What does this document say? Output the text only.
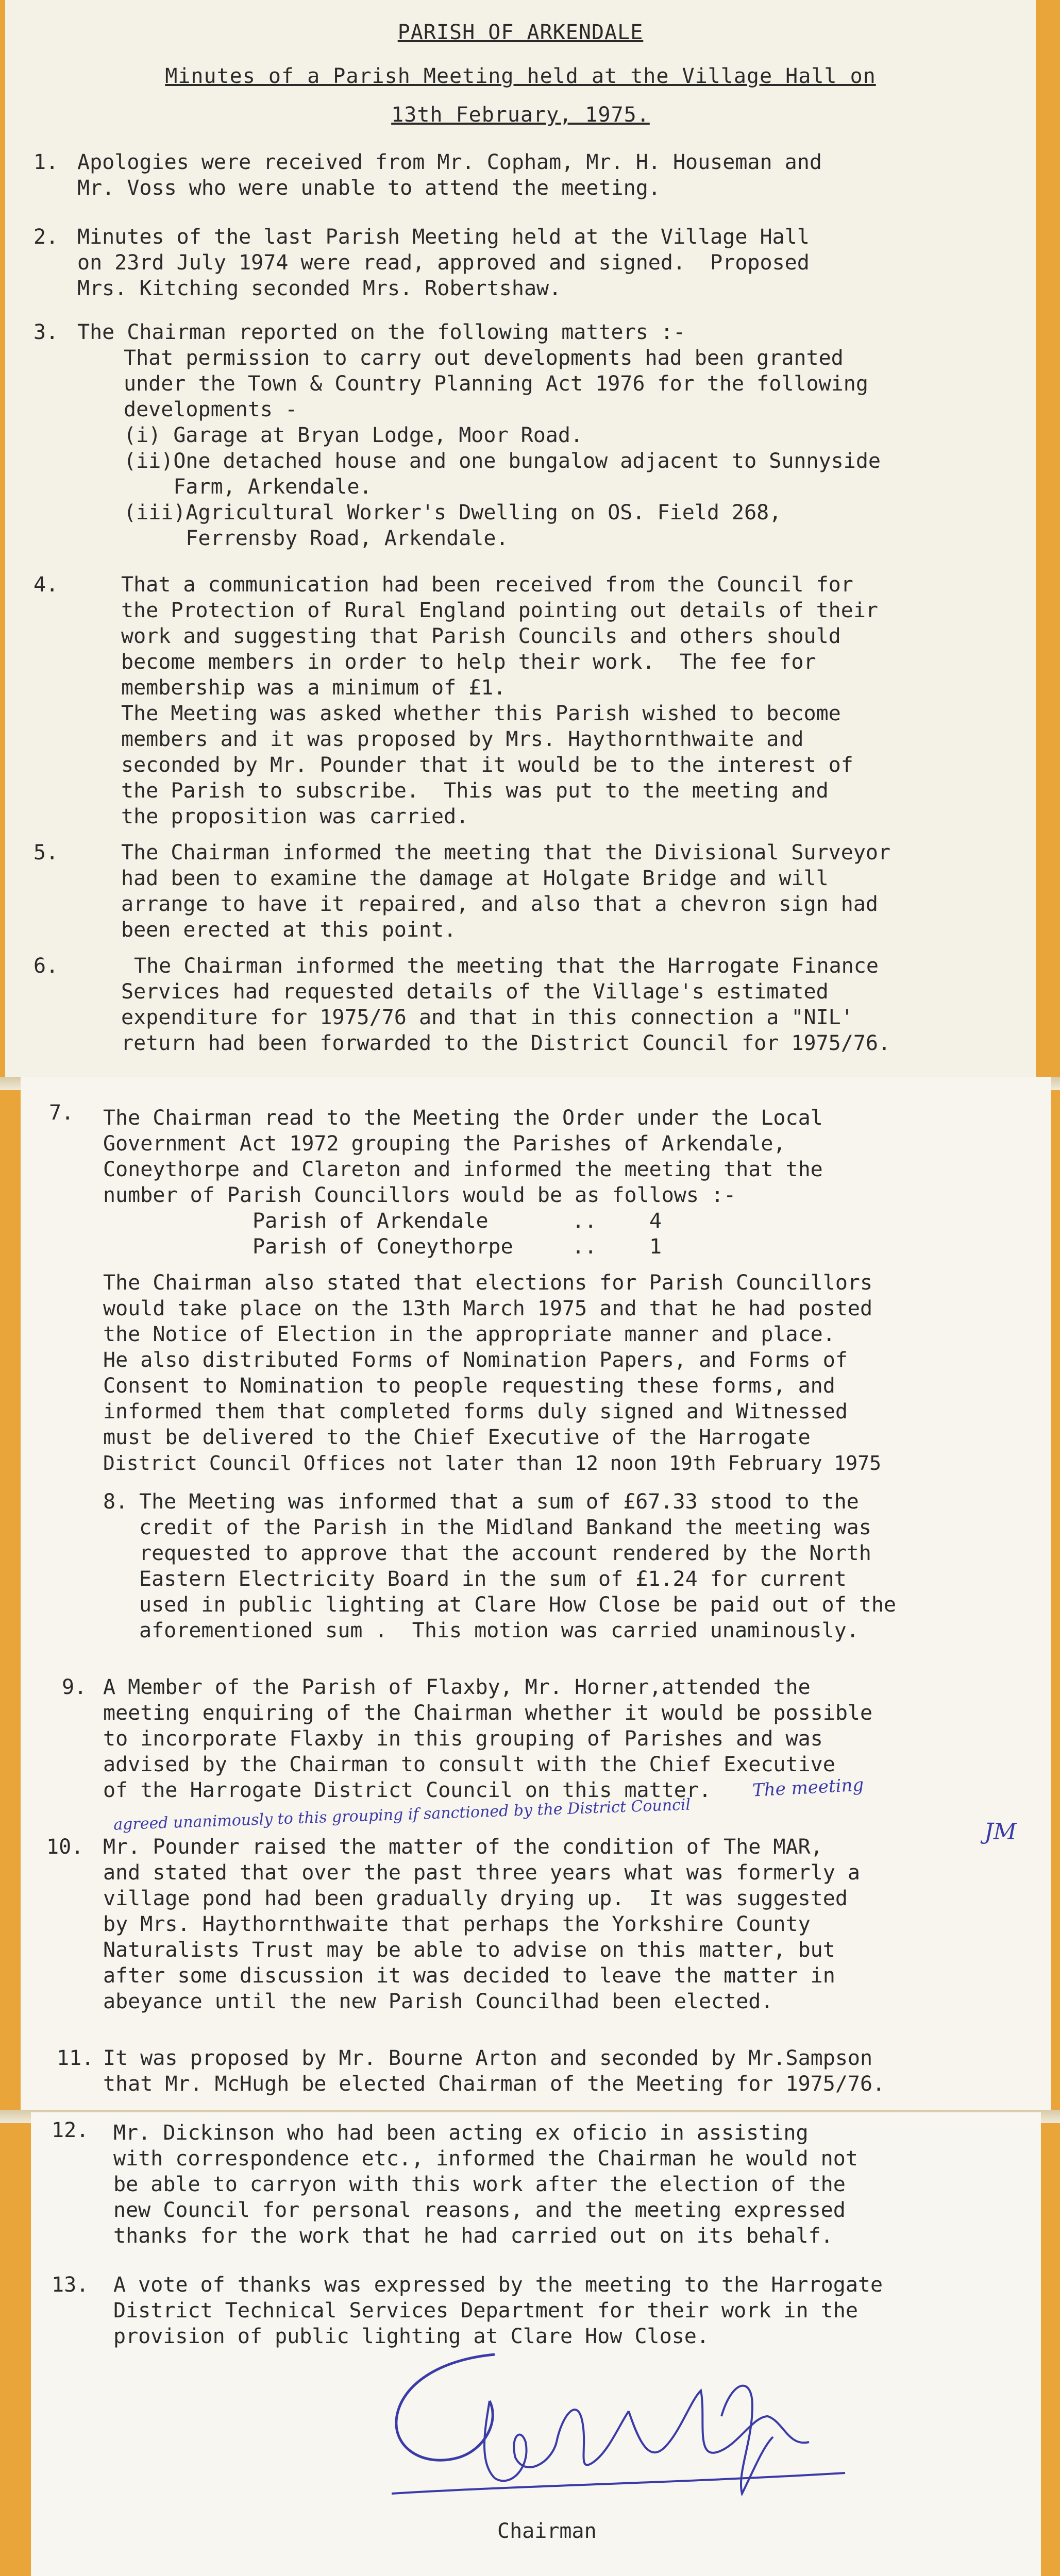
PARISH OF ARKENDALE
Minutes of a Parish Meeting held at the Village Hall on
13th February, 1975.
1. Apologies were received from Mr. Copham, Mr. H. Houseman and
Mr. Voss who were unable to attend the meeting.
2. Minutes of the last Parish Meeting held at the Village Hall
on 23rd July 1974 were read, approved and signed.  Proposed
Mrs. Kitching seconded Mrs. Robertshaw.
3. The Chairman reported on the following matters :-
That permission to carry out developments had been granted
under the Town & Country Planning Act 1976 for the following
developments -
(i) Garage at Bryan Lodge, Moor Road.
(ii)One detached house and one bungalow adjacent to Sunnyside
Farm, Arkendale.
(iii)Agricultural Worker's Dwelling on OS. Field 268,
Ferrensby Road, Arkendale.
4.	That a communication had been received from the Council for
the Protection of Rural England pointing out details of their
work and suggesting that Parish Councils and others should
become members in order to help their work.  The fee for
membership was a minimum of £1.
The Meeting was asked whether this Parish wished to become
members and it was proposed by Mrs. Haythornthwaite and
seconded by Mr. Pounder that it would be to the interest of
the Parish to subscribe.  This was put to the meeting and
the proposition was carried.
5.	The Chairman informed the meeting that the Divisional Surveyor
had been to examine the damage at Holgate Bridge and will
arrange to have it repaired, and also that a chevron sign had
been erected at this point.
6.	The Chairman informed the meeting that the Harrogate Finance
Services had requested details of the Village's estimated
expenditure for 1975/76 and that in this connection a "NIL'
return had been forwarded to the District Council for 1975/76.
7. The Chairman read to the Meeting the Order under the Local
Government Act 1972 grouping the Parishes of Arkendale,
Coneythorpe and Clareton and informed the meeting that the
number of Parish Councillors would be as follows :-
Parish of Arkendale	..	4
Parish of Coneythorpe	..	1
The Chairman also stated that elections for Parish Councillors
would take place on the 13th March 1975 and that he had posted
the Notice of Election in the appropriate manner and place.
He also distributed Forms of Nomination Papers, and Forms of
Consent to Nomination to people requesting these forms, and
informed them that completed forms duly signed and Witnessed
must be delivered to the Chief Executive of the Harrogate
District Council Offices not later than 12 noon 19th February 1975
8. The Meeting was informed that a sum of £67.33 stood to the
credit of the Parish in the Midland Bankand the meeting was
requested to approve that the account rendered by the North
Eastern Electricity Board in the sum of £1.24 for current
used in public lighting at Clare How Close be paid out of the
aforementioned sum .  This motion was carried unaminously.
9. A Member of the Parish of Flaxby, Mr. Horner,attended the
meeting enquiring of the Chairman whether it would be possible
to incorporate Flaxby in this grouping of Parishes and was
advised by the Chairman to consult with the Chief Executive
of the Harrogate District Council on this matter.	The meeting
agreed unanimously to this grouping if sanctioned by the District Council
10. Mr. Pounder raised the matter of the condition of The MAR,
and stated that over the past three years what was formerly a
village pond had been gradually drying up.  It was suggested
by Mrs. Haythornthwaite that perhaps the Yorkshire County
Naturalists Trust may be able to advise on this matter, but
after some discussion it was decided to leave the matter in
abeyance until the new Parish Councilhad been elected.
JM
11. It was proposed by Mr. Bourne Arton and seconded by Mr.Sampson
that Mr. McHugh be elected Chairman of the Meeting for 1975/76.
12. Mr. Dickinson who had been acting ex oficio in assisting
with correspondence etc., informed the Chairman he would not
be able to carryon with this work after the election of the
new Council for personal reasons, and the meeting expressed
thanks for the work that he had carried out on its behalf.
13. A vote of thanks was expressed by the meeting to the Harrogate
District Technical Services Department for their work in the
provision of public lighting at Clare How Close.
Chairman
